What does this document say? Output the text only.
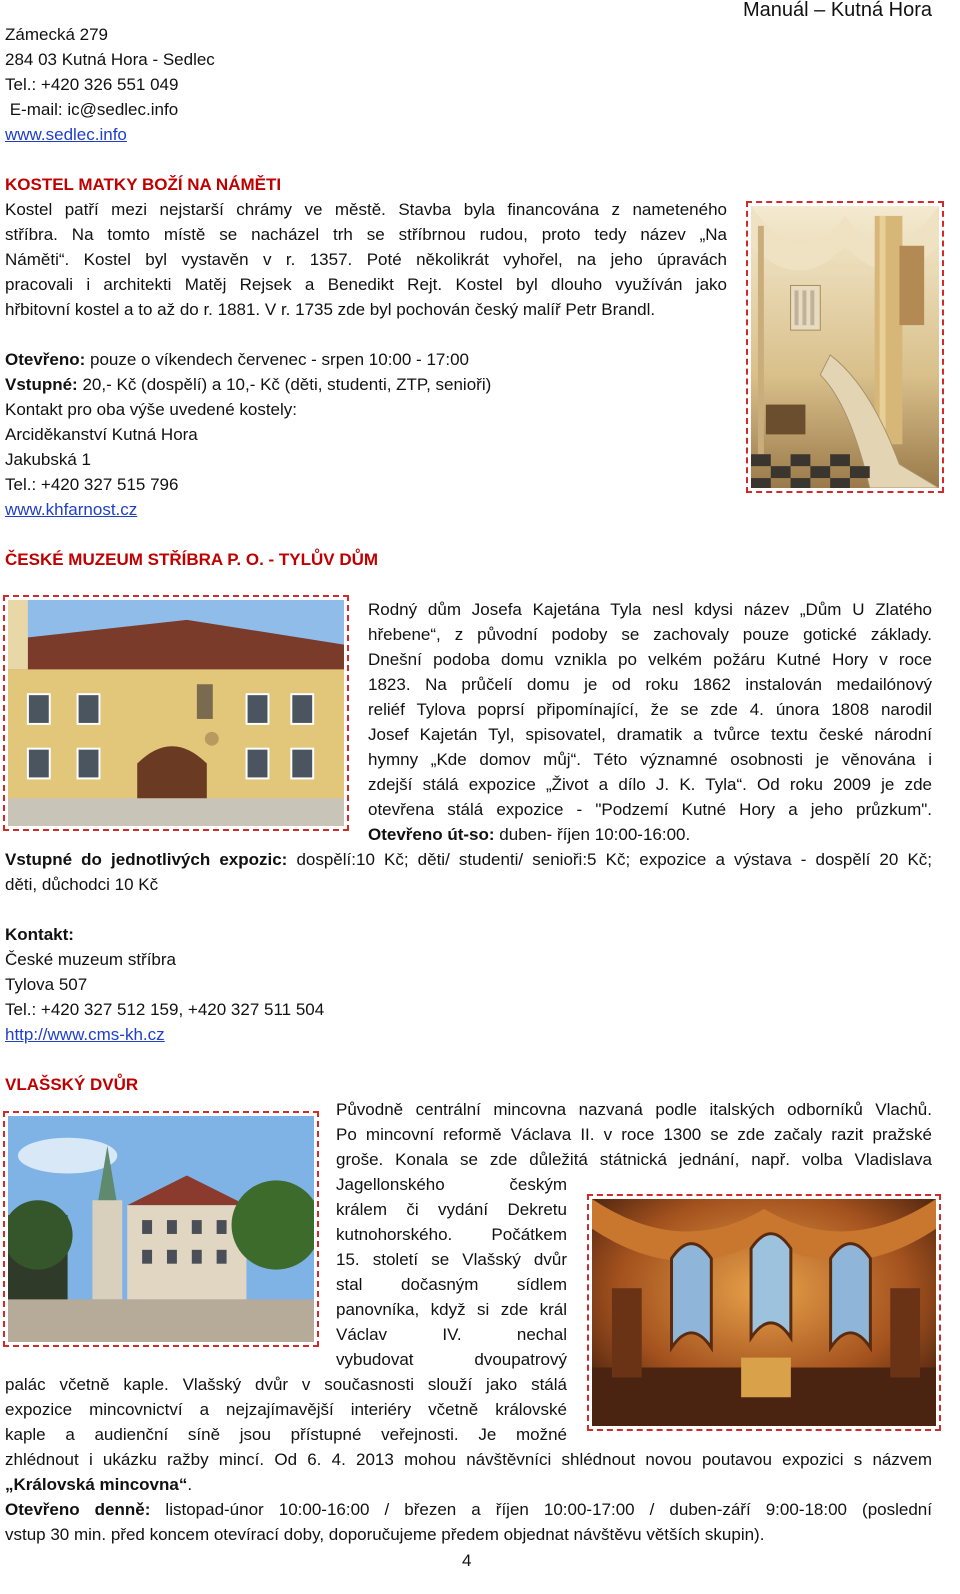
Manuál – Kutná Hora
Zámecká 279
284 03 Kutná Hora - Sedlec
Tel.: +420 326 551 049
E-mail: ic@sedlec.info
www.sedlec.info
KOSTEL MATKY BOŽÍ NA NÁMĚTI
Kostel patří mezi nejstarší chrámy ve městě. Stavba byla financována z nameteného
stříbra. Na tomto místě se nacházel trh se stříbrnou rudou, proto tedy název „Na
Náměti“. Kostel byl vystavěn v r. 1357. Poté několikrát vyhořel, na jeho úpravách
pracovali i architekti Matěj Rejsek a Benedikt Rejt. Kostel byl dlouho využíván jako
hřbitovní kostel a to až do r. 1881. V r. 1735 zde byl pochován český malíř Petr Brandl.
Otevřeno: pouze o víkendech červenec - srpen 10:00 - 17:00
Vstupné: 20,- Kč (dospělí) a 10,- Kč (děti, studenti, ZTP, senioři)
Kontakt pro oba výše uvedené kostely:
Arciděkanství Kutná Hora
Jakubská 1
Tel.: +420 327 515 796
www.khfarnost.cz
ČESKÉ MUZEUM STŘÍBRA P. O. - TYLŮV DŮM
Rodný dům Josefa Kajetána Tyla nesl kdysi název „Dům U Zlatého
hřebene“, z původní podoby se zachovaly pouze gotické základy.
Dnešní podoba domu vznikla po velkém požáru Kutné Hory v roce
1823. Na průčelí domu je od roku 1862 instalován medailónový
reliéf Tylova poprsí připomínající, že se zde 4. února 1808 narodil
Josef Kajetán Tyl, spisovatel, dramatik a tvůrce textu české národní
hymny „Kde domov můj“. Této významné osobnosti je věnována i
zdejší stálá expozice „Život a dílo J. K. Tyla“. Od roku 2009 je zde
otevřena stálá expozice - "Podzemí Kutné Hory a jeho průzkum".
Otevřeno út-so: duben- říjen 10:00-16:00.
Vstupné do jednotlivých expozic: dospělí:10 Kč; děti/ studenti/ senioři:5 Kč; expozice a výstava - dospělí 20 Kč;
děti, důchodci 10 Kč
Kontakt:
České muzeum stříbra
Tylova 507
Tel.: +420 327 512 159, +420 327 511 504
http://www.cms-kh.cz
VLAŠSKÝ DVŮR
Původně centrální mincovna nazvaná podle italských odborníků Vlachů.
Po mincovní reformě Václava II. v roce 1300 se zde začaly razit pražské
groše. Konala se zde důležitá státnická jednání, např. volba Vladislava
Jagellonského českým
králem či vydání Dekretu
kutnohorského. Počátkem
15. století se Vlašský dvůr
stal dočasným sídlem
panovníka, když si zde král
Václav IV. nechal
vybudovat dvoupatrový
palác včetně kaple. Vlašský dvůr v současnosti slouží jako stálá
expozice mincovnictví a nejzajímavější interiéry včetně královské
kaple a audienční síně jsou přístupné veřejnosti. Je možné
zhlédnout i ukázku ražby mincí. Od 6. 4. 2013 mohou návštěvníci shlédnout novou poutavou expozici s názvem
„Královská mincovna“.
Otevřeno denně: listopad-únor 10:00-16:00 / březen a říjen 10:00-17:00 / duben-září 9:00-18:00 (poslední
vstup 30 min. před koncem otevírací doby, doporučujeme předem objednat návštěvu větších skupin).
4
